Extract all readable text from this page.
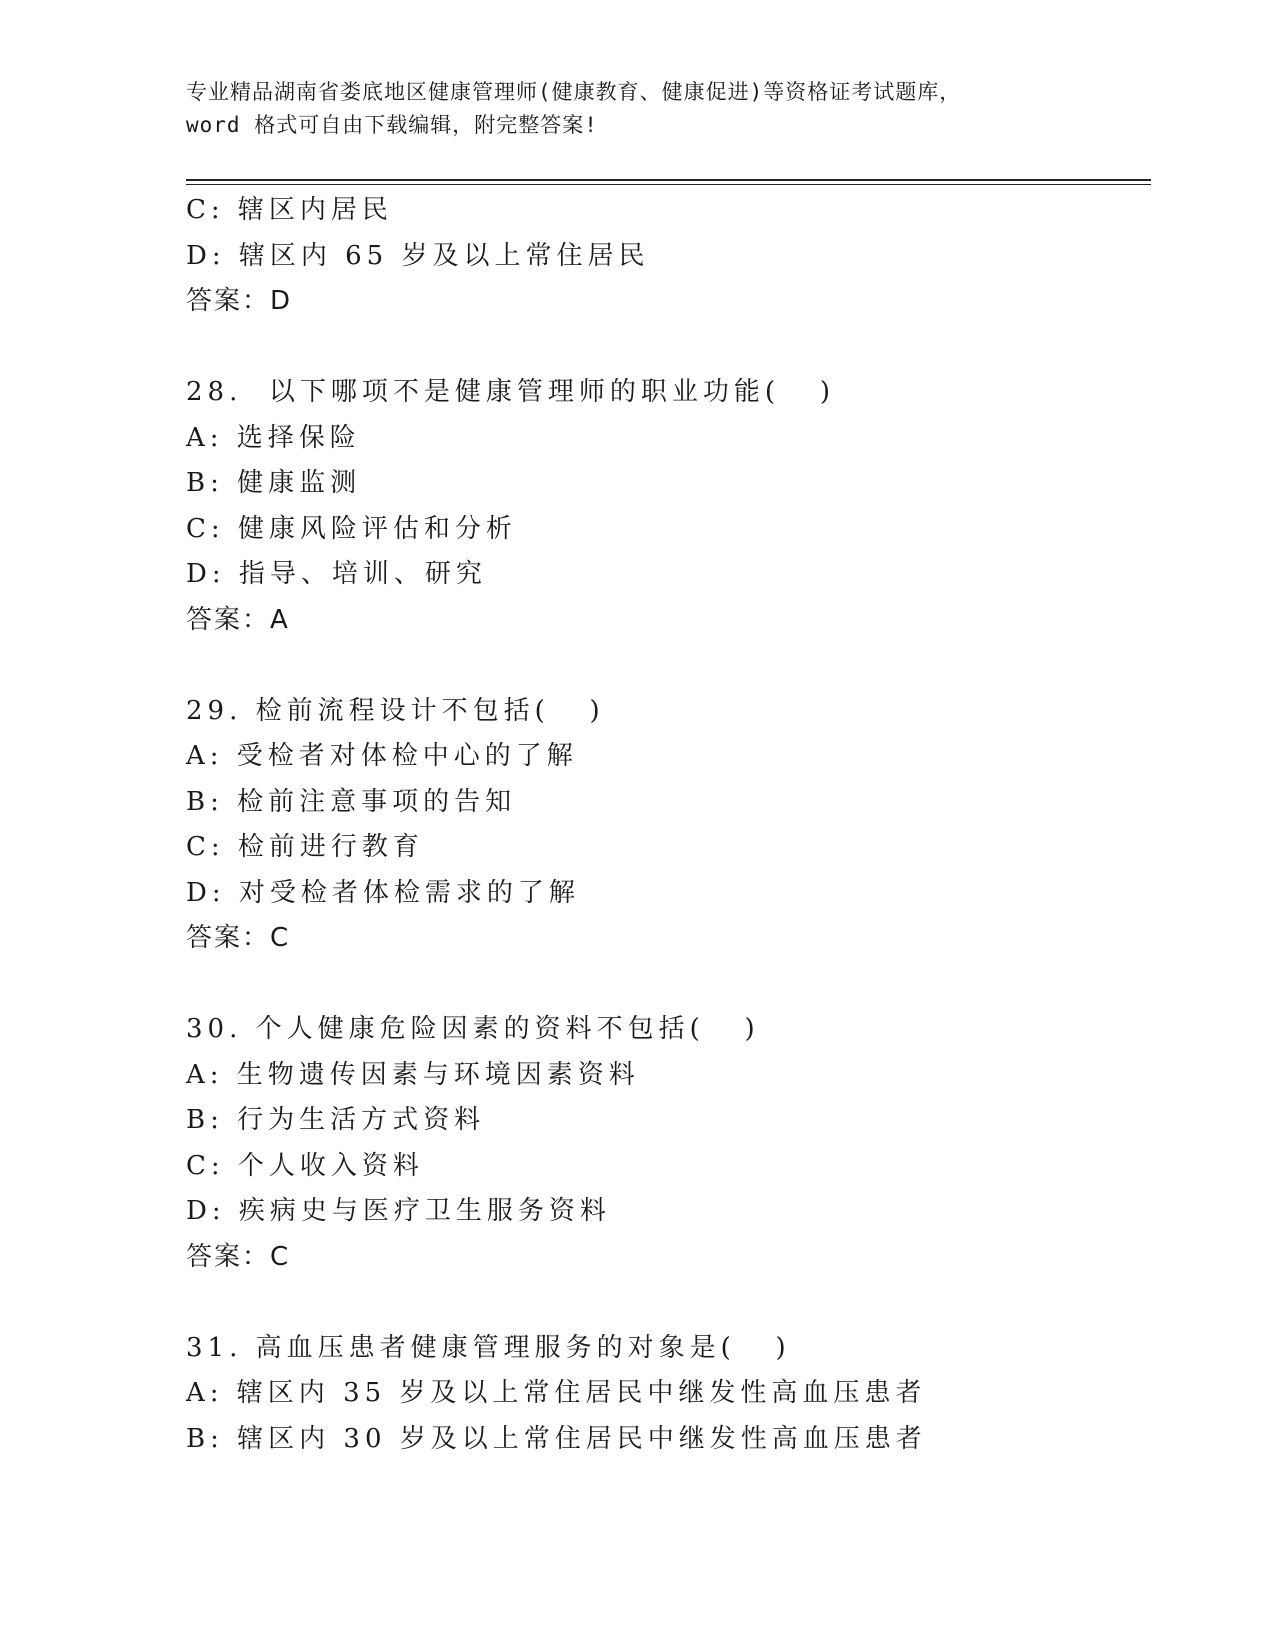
专业精品湖南省娄底地区健康管理师(健康教育、健康促进)等资格证考试题库，
word 格式可自由下载编辑，附完整答案!
C: 辖区内居民
D: 辖区内 65 岁及以上常住居民
答案：D
28.  以下哪项不是健康管理师的职业功能(   )
A: 选择保险
B: 健康监测
C: 健康风险评估和分析
D: 指导、培训、研究
答案：A
29. 检前流程设计不包括(   )
A: 受检者对体检中心的了解
B: 检前注意事项的告知
C: 检前进行教育
D: 对受检者体检需求的了解
答案：C
30. 个人健康危险因素的资料不包括(   )
A: 生物遗传因素与环境因素资料
B: 行为生活方式资料
C: 个人收入资料
D: 疾病史与医疗卫生服务资料
答案：C
31. 高血压患者健康管理服务的对象是(   )
A: 辖区内 35 岁及以上常住居民中继发性高血压患者
B: 辖区内 30 岁及以上常住居民中继发性高血压患者
